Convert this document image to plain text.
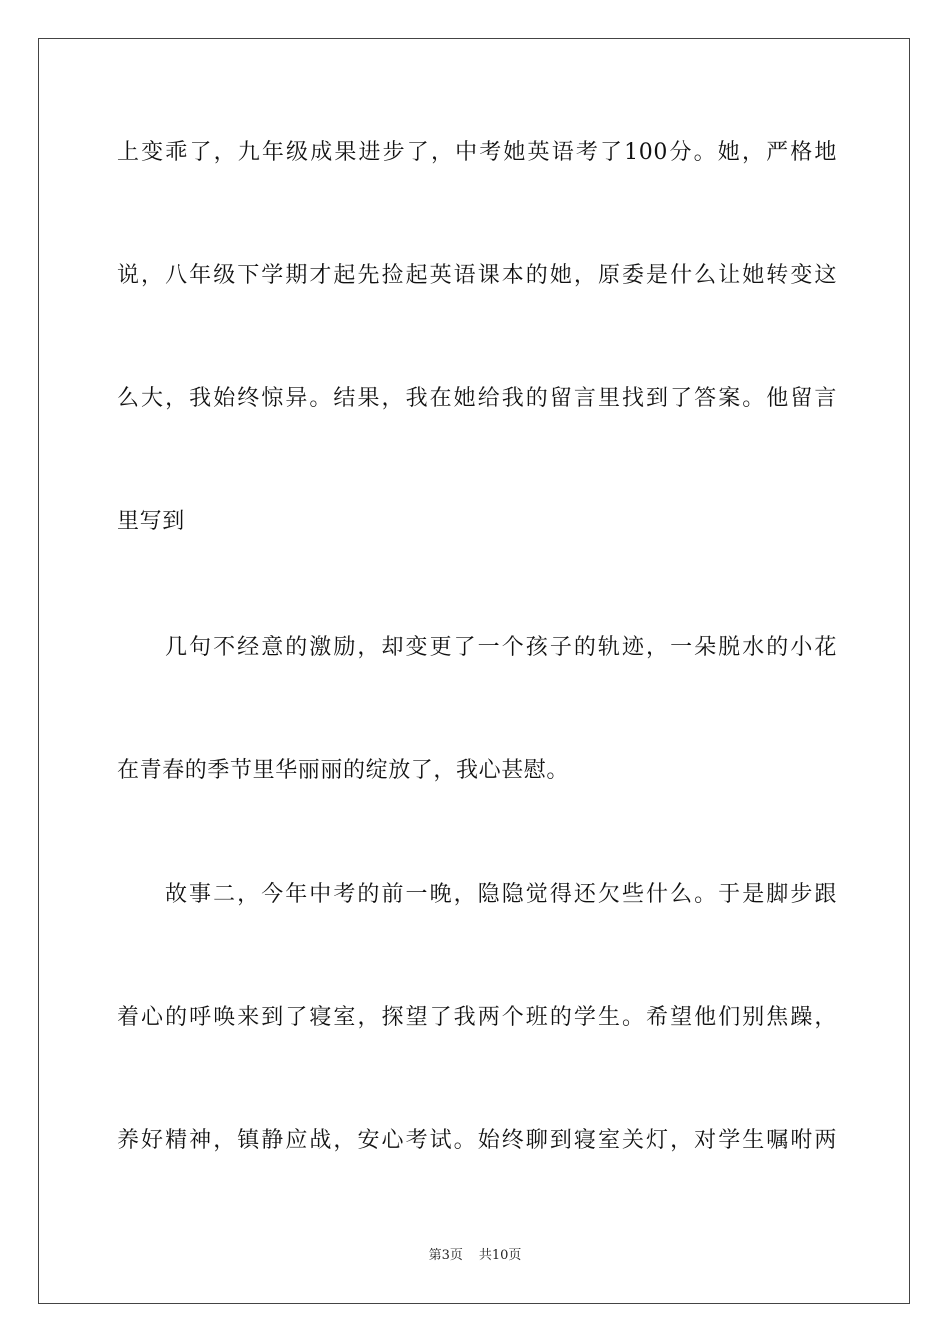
上变乖了，九年级成果进步了，中考她英语考了100分。她，严格地
说，八年级下学期才起先捡起英语课本的她，原委是什么让她转变这
么大，我始终惊异。结果，我在她给我的留言里找到了答案。他留言
里写到
几句不经意的激励，却变更了一个孩子的轨迹，一朵脱水的小花
在青春的季节里华丽丽的绽放了，我心甚慰。
故事二，今年中考的前一晚，隐隐觉得还欠些什么。于是脚步跟
着心的呼唤来到了寝室，探望了我两个班的学生。希望他们别焦躁，
养好精神，镇静应战，安心考试。始终聊到寝室关灯，对学生嘱咐两
第3页 共10页
